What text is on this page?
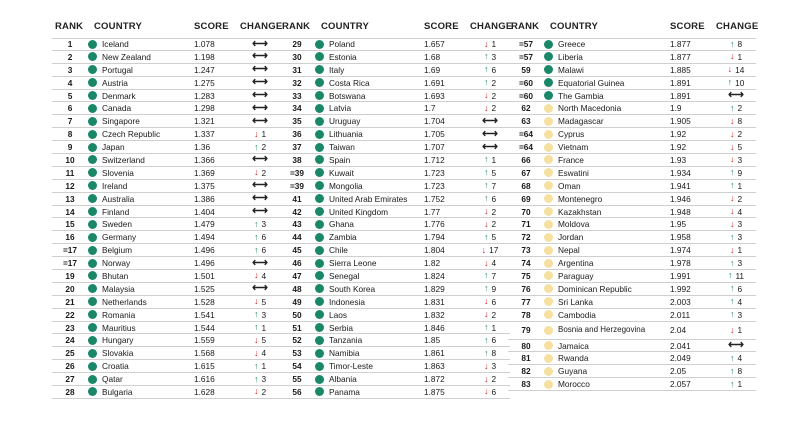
RANK	COUNTRY	SCORE	CHANGE
1	Iceland	1.078	⟷
2	New Zealand	1.198	⟷
3	Portugal	1.247	⟷
4	Austria	1.275	⟷
5	Denmark	1.283	⟷
6	Canada	1.298	⟷
7	Singapore	1.321	⟷
8	Czech Republic	1.337	↓ 1
9	Japan	1.36	↑ 2
10	Switzerland	1.366	⟷
11	Slovenia	1.369	↓ 2
12	Ireland	1.375	⟷
13	Australia	1.386	⟷
14	Finland	1.404	⟷
15	Sweden	1.479	↑ 3
16	Germany	1.494	↑ 6
=17	Belgium	1.496	↑ 6
=17	Norway	1.496	⟷
19	Bhutan	1.501	↓ 4
20	Malaysia	1.525	⟷
21	Netherlands	1.528	↓ 5
22	Romania	1.541	↑ 3
23	Mauritius	1.544	↑ 1
24	Hungary	1.559	↓ 5
25	Slovakia	1.568	↓ 4
26	Croatia	1.615	↑ 1
27	Qatar	1.616	↑ 3
28	Bulgaria	1.628	↓ 2
RANK	COUNTRY	SCORE	CHANGE
29	Poland	1.657	↓ 1
30	Estonia	1.68	↑ 3
31	Italy	1.69	↑ 6
32	Costa Rica	1.691	↑ 2
33	Botswana	1.693	↓ 2
34	Latvia	1.7	↓ 2
35	Uruguay	1.704	⟷
36	Lithuania	1.705	⟷
37	Taiwan	1.707	⟷
38	Spain	1.712	↑ 1
=39	Kuwait	1.723	↑ 5
=39	Mongolia	1.723	↑ 7
41	United Arab Emirates	1.752	↑ 6
42	United Kingdom	1.77	↓ 2
43	Ghana	1.776	↓ 2
44	Zambia	1.794	↑ 5
45	Chile	1.804	↓ 17
46	Sierra Leone	1.82	↓ 4
47	Senegal	1.824	↑ 7
48	South Korea	1.829	↑ 9
49	Indonesia	1.831	↓ 6
50	Laos	1.832	↓ 2
51	Serbia	1.846	↑ 1
52	Tanzania	1.85	↑ 6
53	Namibia	1.861	↑ 8
54	Timor-Leste	1.863	↓ 3
55	Albania	1.872	↓ 2
56	Panama	1.875	↓ 6
RANK	COUNTRY	SCORE	CHANGE
=57	Greece	1.877	↑ 8
=57	Liberia	1.877	↓ 1
59	Malawi	1.885	↓ 14
=60	Equatorial Guinea	1.891	↑ 10
=60	The Gambia	1.891	⟷
62	North Macedonia	1.9	↑ 2
63	Madagascar	1.905	↓ 8
=64	Cyprus	1.92	↓ 2
=64	Vietnam	1.92	↓ 5
66	France	1.93	↓ 3
67	Eswatini	1.934	↑ 9
68	Oman	1.941	↑ 1
69	Montenegro	1.946	↓ 2
70	Kazakhstan	1.948	↓ 4
71	Moldova	1.95	↓ 3
72	Jordan	1.958	↑ 3
73	Nepal	1.974	↓ 1
74	Argentina	1.978	↑ 3
75	Paraguay	1.991	↑ 11
76	Dominican Republic	1.992	↑ 6
77	Sri Lanka	2.003	↑ 4
78	Cambodia	2.011	↑ 3
79	Bosnia and Herzegovina	2.04	↓ 1
80	Jamaica	2.041	⟷
81	Rwanda	2.049	↑ 4
82	Guyana	2.05	↑ 8
83	Morocco	2.057	↑ 1
